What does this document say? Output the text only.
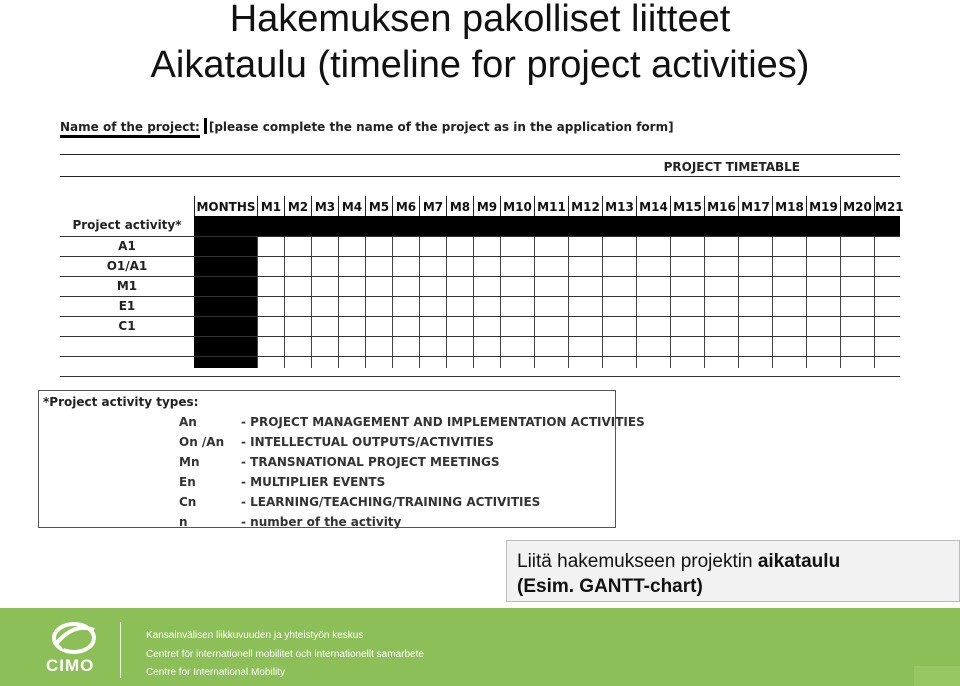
Hakemuksen pakolliset liitteet
Aikataulu (timeline for project activities)
Name of the project: [please complete the name of the project as in the application form]
PROJECT TIMETABLE
Project activity*
MONTHS M1 M2 M3 M4 M5 M6 M7 M8 M9 M10 M11 M12 M13 M14 M15 M16 M17 M18 M19 M20 M21
A1
O1/A1
M1
E1
C1
*Project activity types:
An	- PROJECT MANAGEMENT AND IMPLEMENTATION ACTIVITIES
On /An - INTELLECTUAL OUTPUTS/ACTIVITIES
Mn	- TRANSNATIONAL PROJECT MEETINGS
En	- MULTIPLIER EVENTS
Cn	- LEARNING/TEACHING/TRAINING ACTIVITIES
n	- number of the activity
Liitä hakemukseen projektin aikataulu
(Esim. GANTT-chart)
CIMO
Kansainvälisen liikkuvuuden ja yhteistyön keskus
Centret för internationell mobilitet och internationellt samarbete
Centre for International Mobility
